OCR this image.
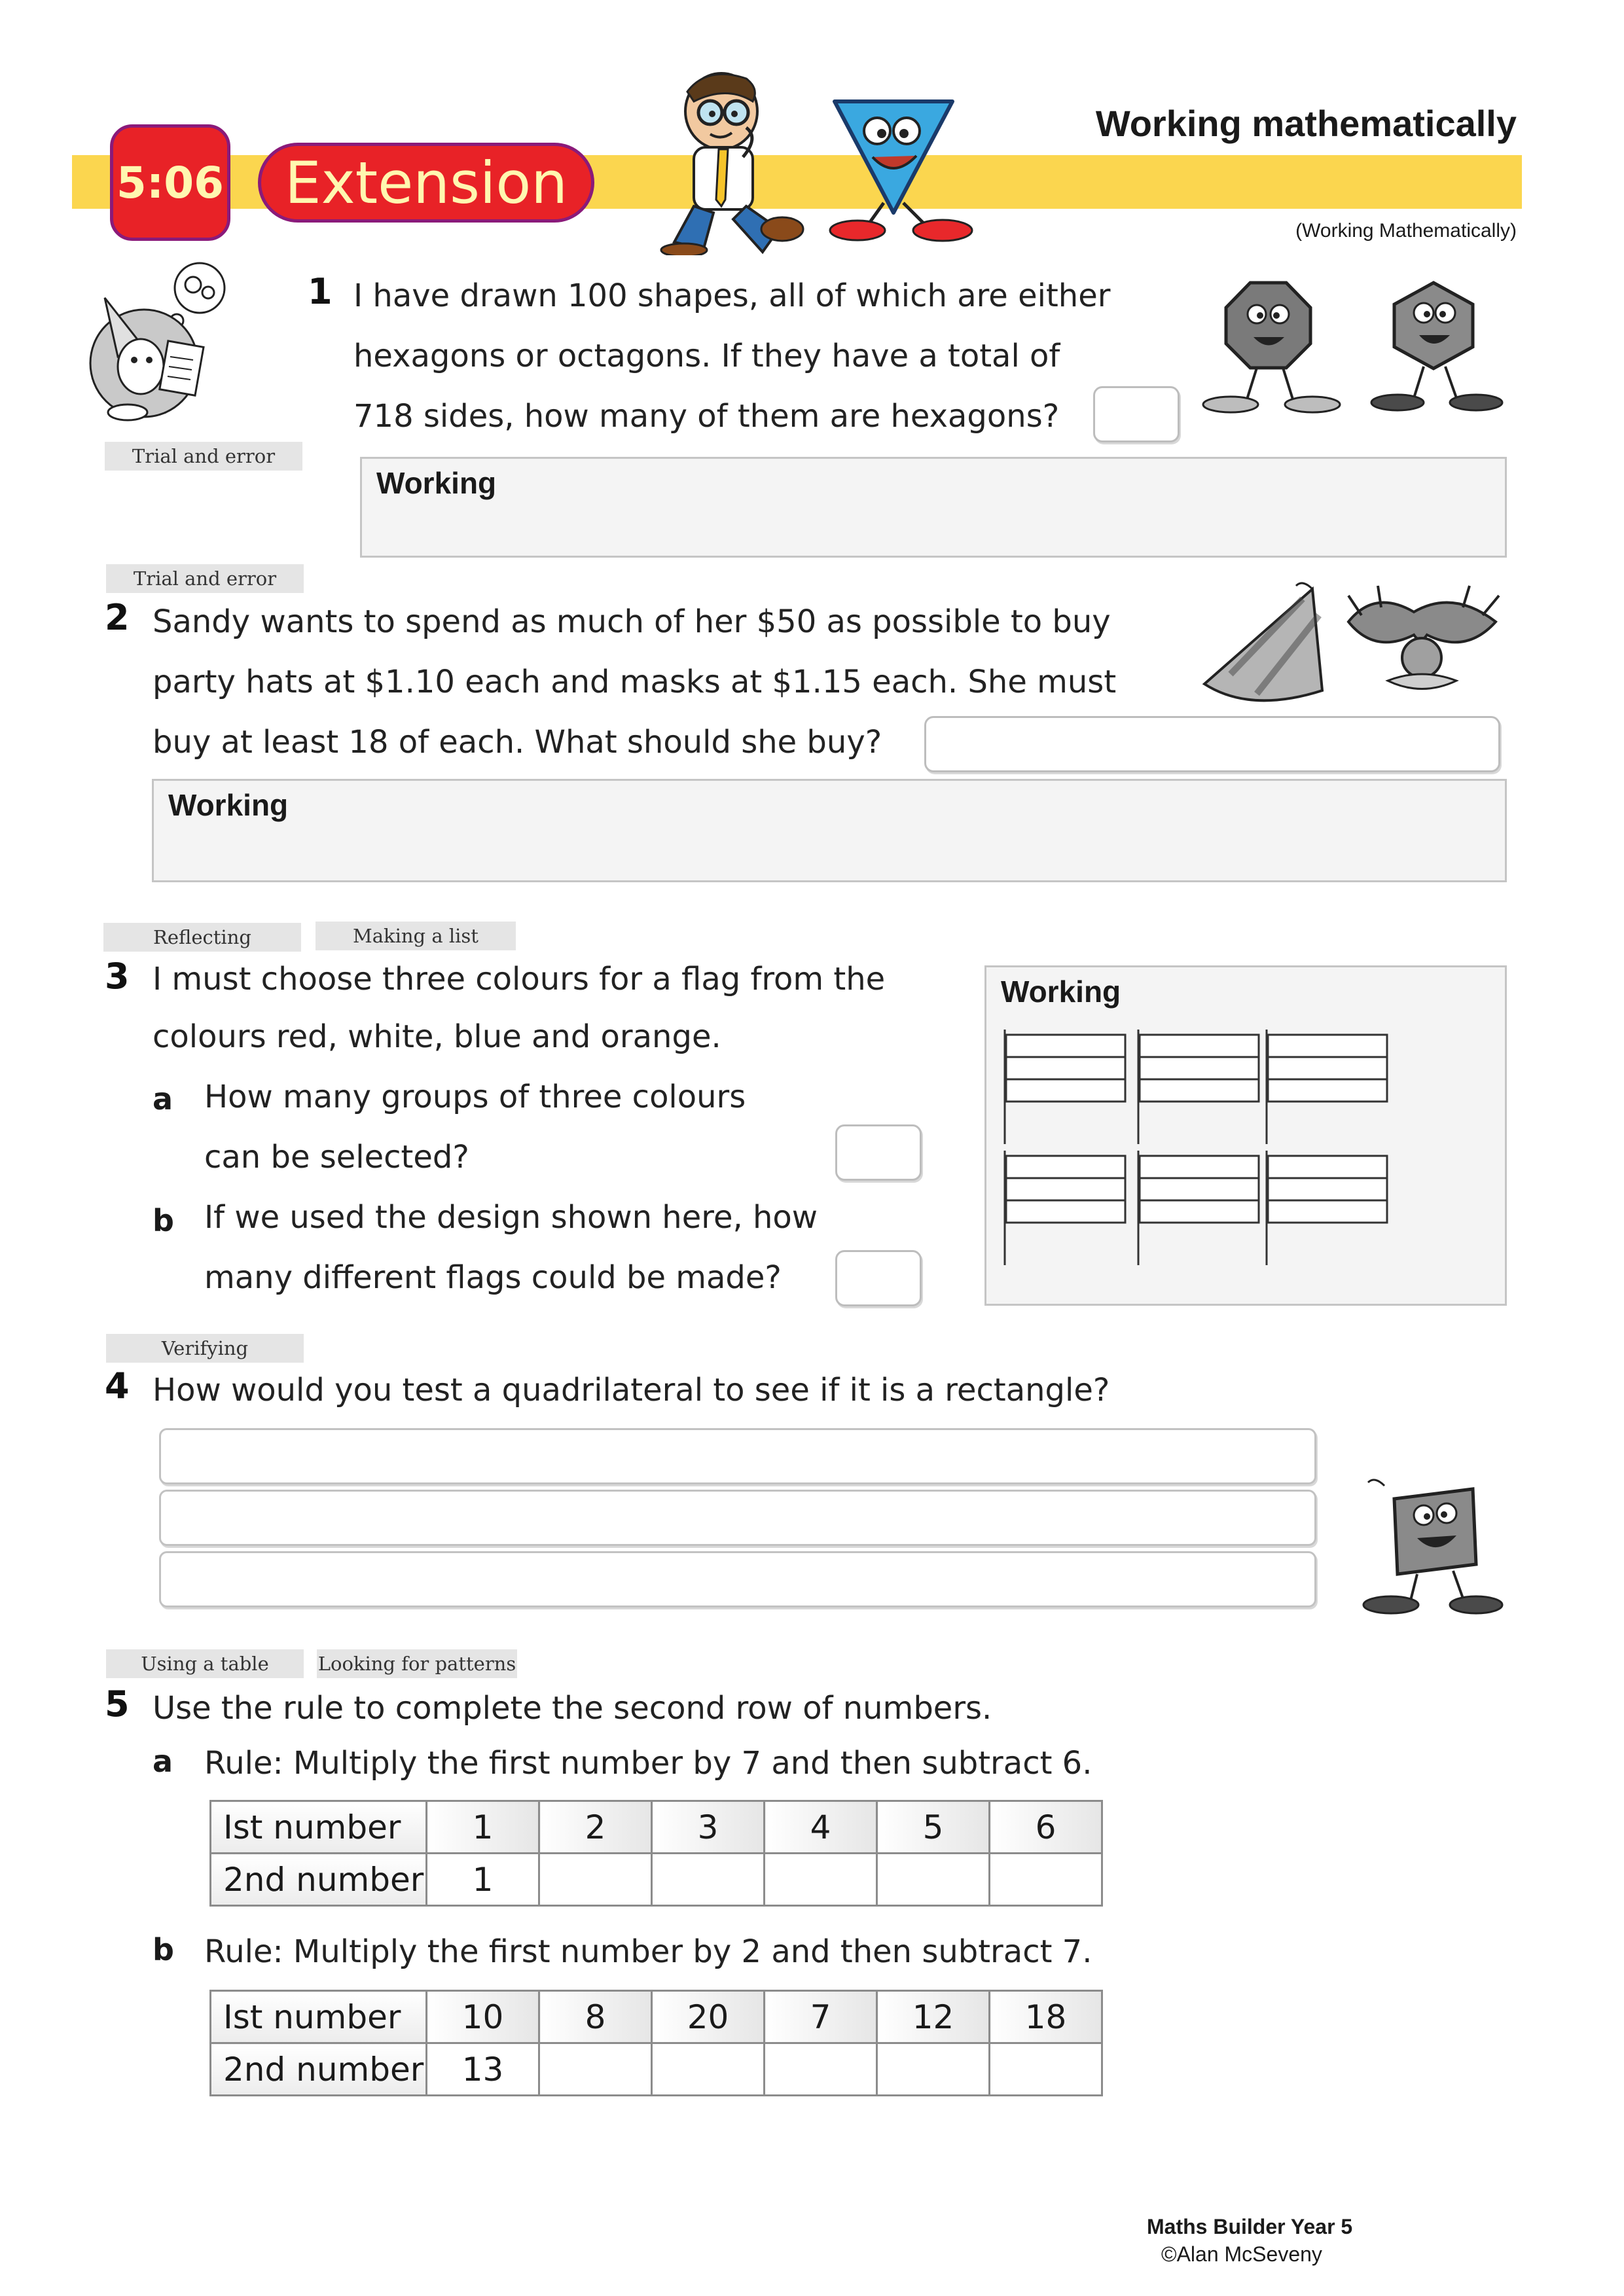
5:06 Extension
Working mathematically
(Working Mathematically)
Trial and error
1 I have drawn 100 shapes, all of which are either
hexagons or octagons. If they have a total of
718 sides, how many of them are hexagons?
Working
Trial and error
2 Sandy wants to spend as much of her $50 as possible to buy
party hats at $1.10 each and masks at $1.15 each. She must
buy at least 18 of each. What should she buy?
Working
Reflecting	Making a list
3 I must choose three colours for a flag from the
colours red, white, blue and orange.
a How many groups of three colours
can be selected?
b If we used the design shown here, how
many different flags could be made?
Working
Verifying
4 How would you test a quadrilateral to see if it is a rectangle?
Using a table	Looking for patterns
5 Use the rule to complete the second row of numbers.
a Rule: Multiply the first number by 7 and then subtract 6.
Ist number	1	2	3	4	5	6
2nd number	1					
b Rule: Multiply the first number by 2 and then subtract 7.
Ist number	10	8	20	7	12	18
2nd number	13					
Maths Builder Year 5
©Alan McSeveny
